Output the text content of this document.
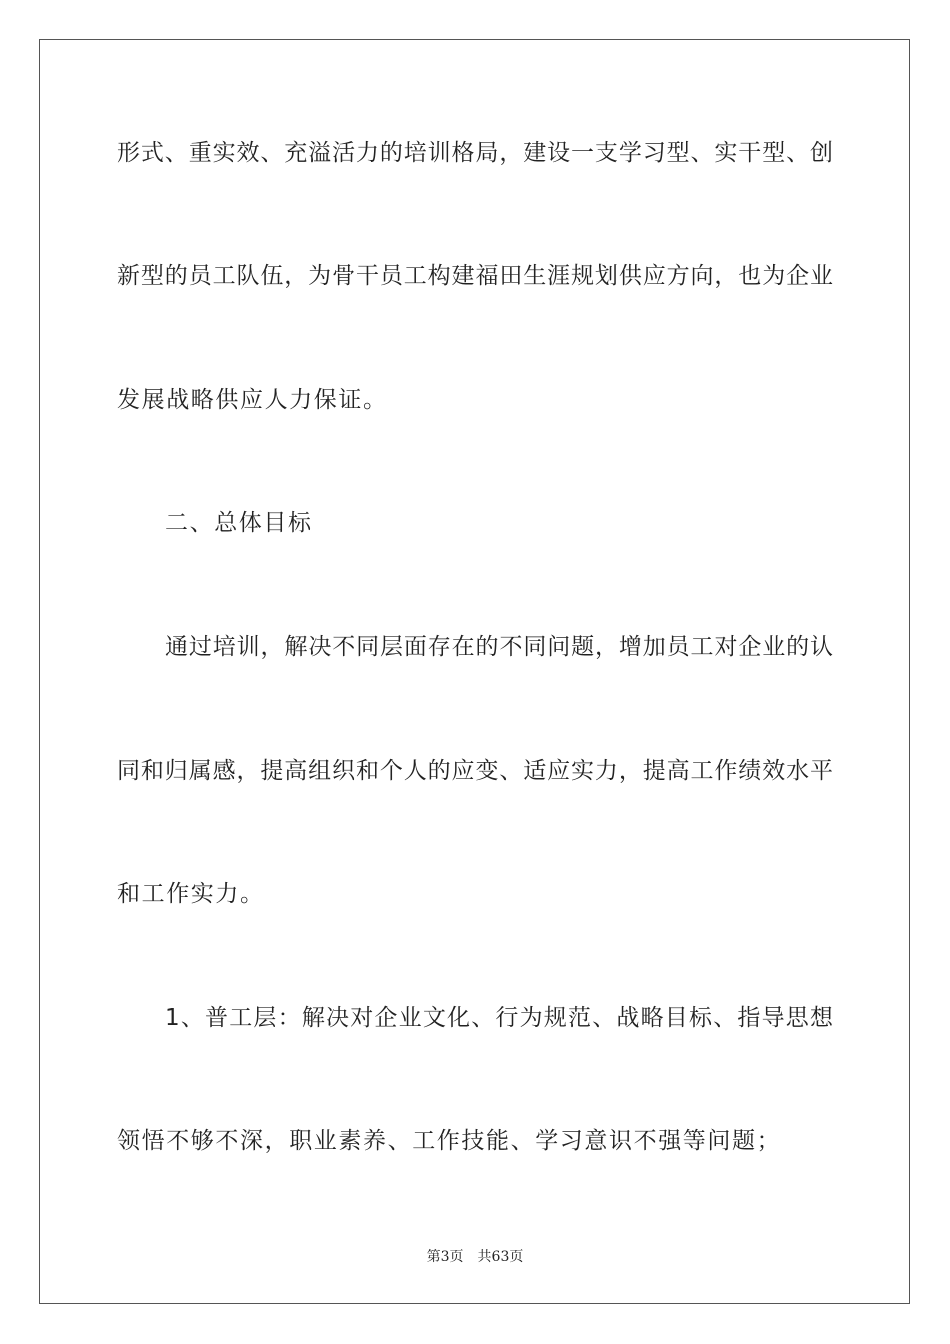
形式、重实效、充溢活力的培训格局，建设一支学习型、实干型、创
新型的员工队伍，为骨干员工构建福田生涯规划供应方向，也为企业
发展战略供应人力保证。
二、总体目标
通过培训，解决不同层面存在的不同问题，增加员工对企业的认
同和归属感，提高组织和个人的应变、适应实力，提高工作绩效水平
和工作实力。
1、普工层：解决对企业文化、行为规范、战略目标、指导思想
领悟不够不深，职业素养、工作技能、学习意识不强等问题；
第3页 共63页
